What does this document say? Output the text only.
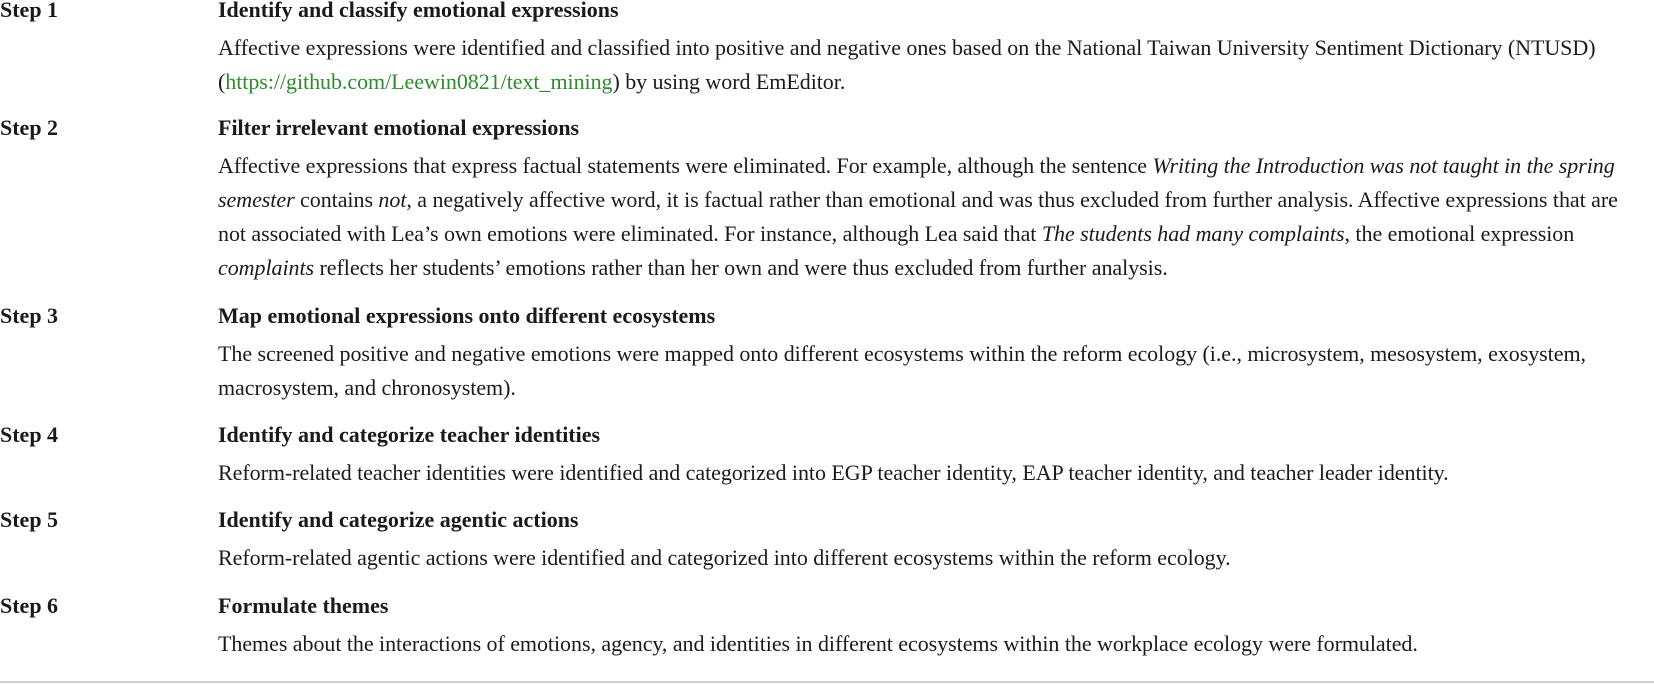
Step 1	Identify and classify emotional expressions
Affective expressions were identified and classified into positive and negative ones based on the National Taiwan University Sentiment Dictionary (NTUSD) (https://github.com/Leewin0821/text_mining) by using word EmEditor.
Step 2	Filter irrelevant emotional expressions
Affective expressions that express factual statements were eliminated. For example, although the sentence Writing the Introduction was not taught in the spring semester contains not, a negatively affective word, it is factual rather than emotional and was thus excluded from further analysis. Affective expressions that are not associated with Lea’s own emotions were eliminated. For instance, although Lea said that The students had many complaints, the emotional expression complaints reflects her students’ emotions rather than her own and were thus excluded from further analysis.
Step 3	Map emotional expressions onto different ecosystems
The screened positive and negative emotions were mapped onto different ecosystems within the reform ecology (i.e., microsystem, mesosystem, exosystem, macrosystem, and chronosystem).
Step 4	Identify and categorize teacher identities
Reform-related teacher identities were identified and categorized into EGP teacher identity, EAP teacher identity, and teacher leader identity.
Step 5	Identify and categorize agentic actions
Reform-related agentic actions were identified and categorized into different ecosystems within the reform ecology.
Step 6	Formulate themes
Themes about the interactions of emotions, agency, and identities in different ecosystems within the workplace ecology were formulated.
